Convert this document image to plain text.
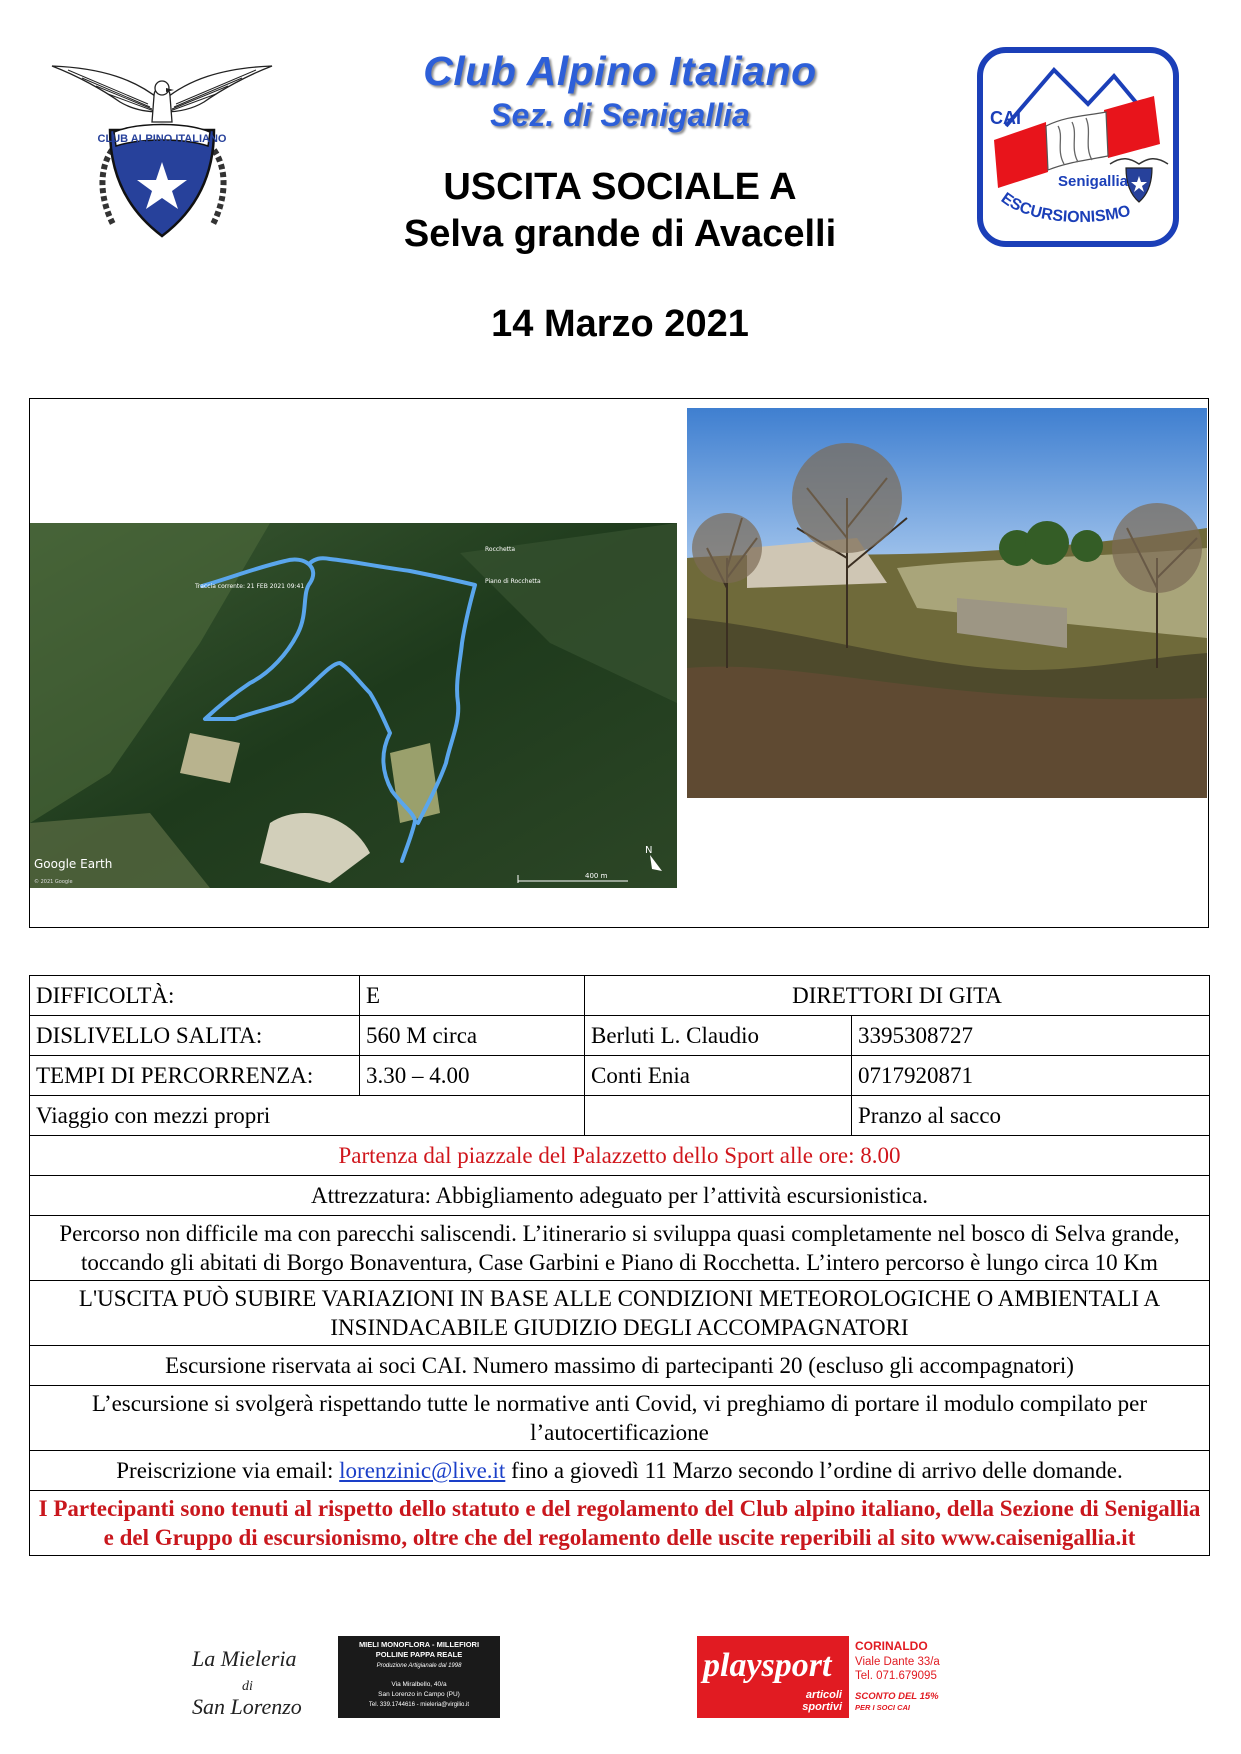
CLUB ALPINO ITALIANO
Club Alpino Italiano
Sez. di Senigallia
USCITA SOCIALE A
Selva grande di Avacelli
14 Marzo 2021
CAI
Senigallia
ESCURSIONISMO
Traccia corrente: 21 FEB 2021 09:41
Piano di Rocchetta
Rocchetta
Google Earth
© 2021 Google
400 m
N
DIFFICOLTÀ:	E	DIRETTORI DI GITA	
DISLIVELLO SALITA:	560 M circa	Berluti L. Claudio	3395308727
TEMPI DI PERCORRENZA:	3.30 – 4.00	Conti Enia	0717920871
Viaggio con mezzi propri			Pranzo al sacco
Partenza dal piazzale del Palazzetto dello Sport alle ore: 8.00			
Attrezzatura: Abbigliamento adeguato per l’attività escursionistica.			
Percorso non difficile ma con parecchi saliscendi. L’itinerario si sviluppa quasi completamente nel bosco di Selva grande, toccando gli abitati di Borgo Bonaventura, Case Garbini e Piano di Rocchetta. L’intero percorso è lungo circa 10 Km			
L'USCITA PUÒ SUBIRE VARIAZIONI IN BASE ALLE CONDIZIONI METEOROLOGICHE O AMBIENTALI A INSINDACABILE GIUDIZIO DEGLI ACCOMPAGNATORI			
Escursione riservata ai soci CAI. Numero massimo di partecipanti 20 (escluso gli accompagnatori)			
L’escursione si svolgerà rispettando tutte le normative anti Covid, vi preghiamo di portare il modulo compilato per l’autocertificazione			
Preiscrizione via email: lorenzinic@live.it fino a giovedì 11 Marzo secondo l’ordine di arrivo delle domande.			
I Partecipanti sono tenuti al rispetto dello statuto e del regolamento del Club alpino italiano, della Sezione di Senigallia e del Gruppo di escursionismo, oltre che del regolamento delle uscite reperibili al sito www.caisenigallia.it			
La Mieleria
di
San Lorenzo
MIELI MONOFLORA - MILLEFIORI
POLLINE PAPPA REALE
Produzione Artigianale dal 1998
Via Miralbello, 40/a
San Lorenzo in Campo (PU)
Tel. 339.1744616 - mieleria@virgilio.it
playsport
articoli
sportivi
CORINALDO
Viale Dante 33/a
Tel. 071.679095
SCONTO DEL 15%
PER I SOCI CAI
